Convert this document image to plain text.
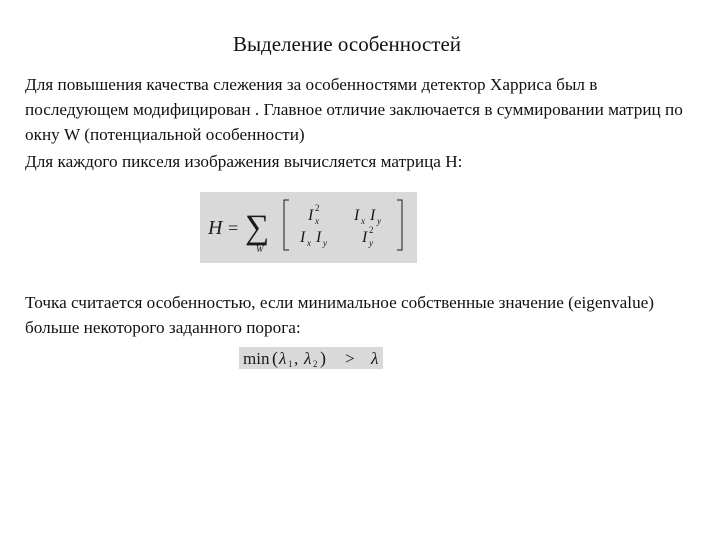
Выделение особенностей

Для повышения качества слежения за особенностями детектор Харриса был в последующем модифицирован . Главное отличие заключается в суммировании матриц по окну W (потенциальной особенности)

Для каждого пикселя изображения вычисляется матрица H:

H = ∑
W
I x
2 I x I y
I x I y I y
2

Точка считается особенностью, если минимальное собственные значение (eigenvalue) больше некоторого заданного порога:

min ( λ 1 , λ 2 ) > λ
